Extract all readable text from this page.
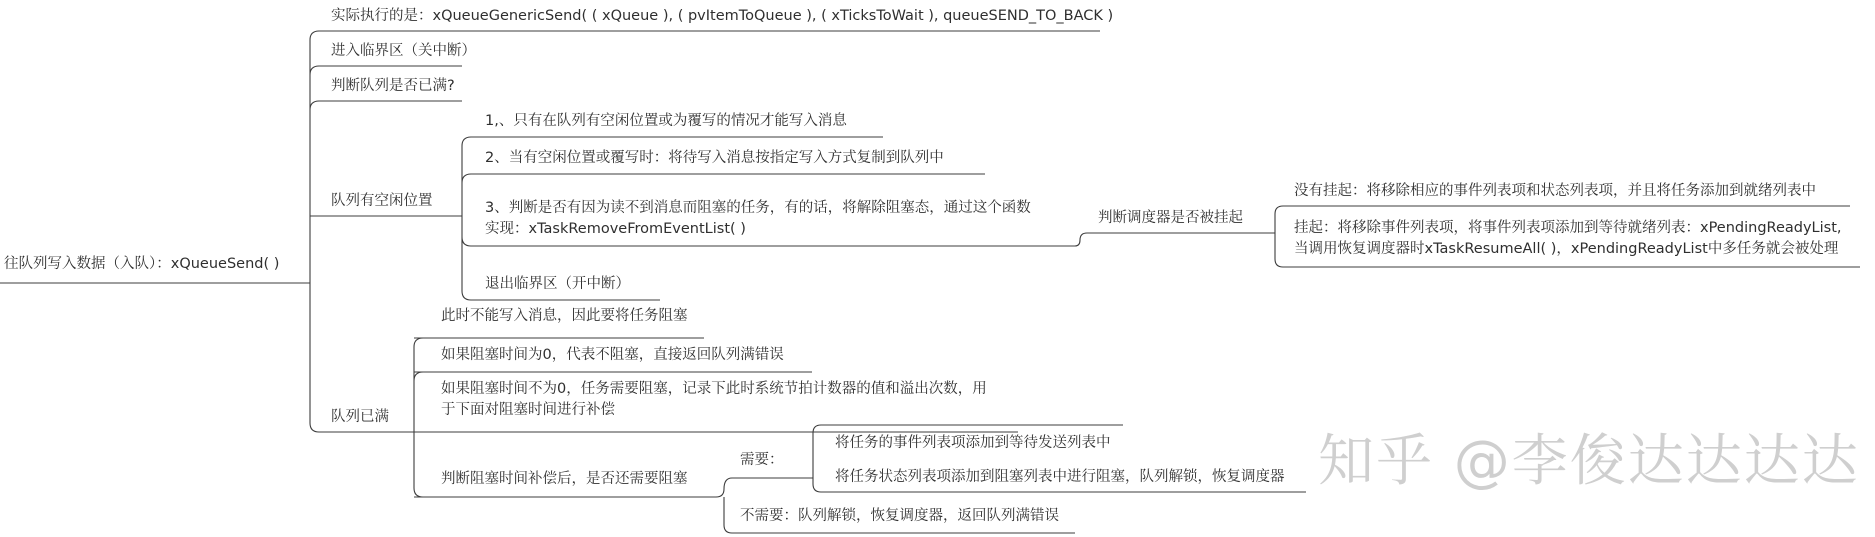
往队列写入数据（入队）：xQueueSend( )
实际执行的是：xQueueGenericSend( ( xQueue ), ( pvItemToQueue ), ( xTicksToWait ), queueSEND_TO_BACK )
进入临界区（关中断）
判断队列是否已满?
队列有空闲位置
队列已满
1,、只有在队列有空闲位置或为覆写的情况才能写入消息
2、当有空闲位置或覆写时：将待写入消息按指定写入方式复制到队列中
3、判断是否有因为读不到消息而阻塞的任务，有的话，将解除阻塞态，通过这个函数
实现：xTaskRemoveFromEventList( )
退出临界区（开中断）
判断调度器是否被挂起
没有挂起：将移除相应的事件列表项和状态列表项，并且将任务添加到就绪列表中
挂起：将移除事件列表项，将事件列表项添加到等待就绪列表：xPendingReadyList,
当调用恢复调度器时xTaskResumeAll( )，xPendingReadyList中多任务就会被处理
此时不能写入消息，因此要将任务阻塞
如果阻塞时间为0，代表不阻塞，直接返回队列满错误
如果阻塞时间不为0，任务需要阻塞，记录下此时系统节拍计数器的值和溢出次数，用
于下面对阻塞时间进行补偿
判断阻塞时间补偿后，是否还需要阻塞
需要：
将任务的事件列表项添加到等待发送列表中
将任务状态列表项添加到阻塞列表中进行阻塞，队列解锁，恢复调度器
不需要：队列解锁，恢复调度器，返回队列满错误
知乎 @李俊达达达达
